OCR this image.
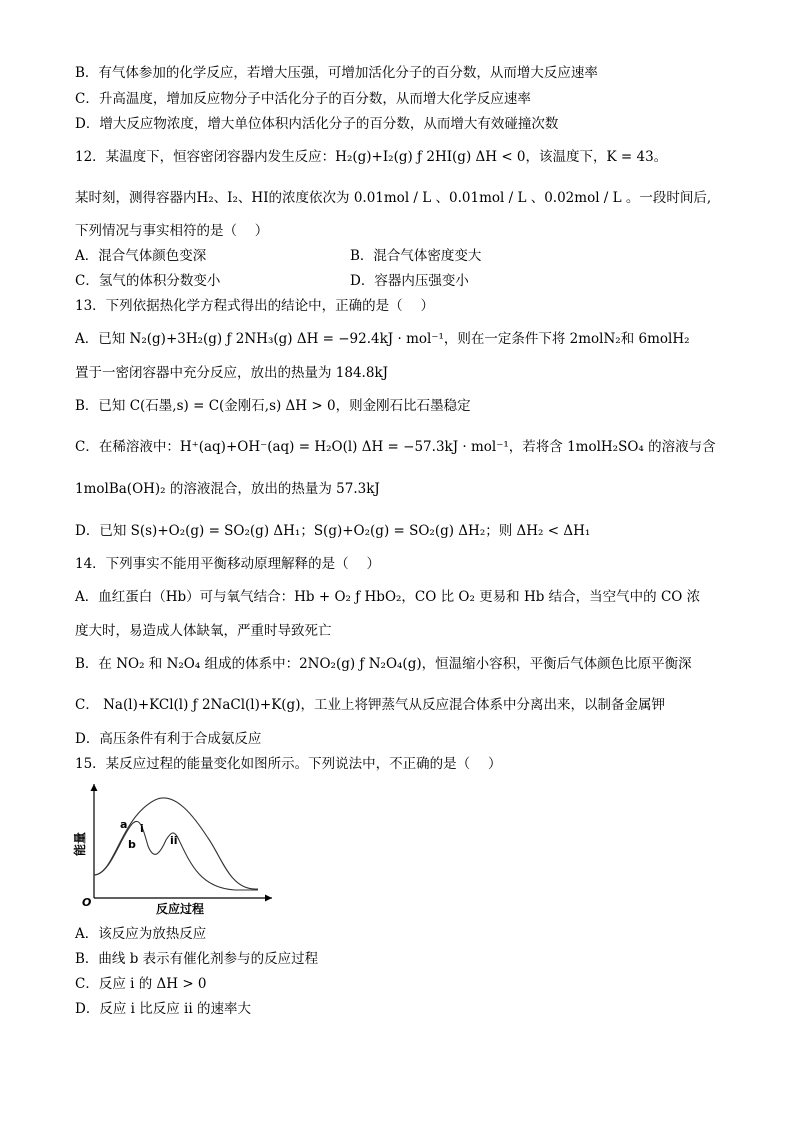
B．有气体参加的化学反应，若增大压强，可增加活化分子的百分数，从而增大反应速率
C．升高温度，增加反应物分子中活化分子的百分数，从而增大化学反应速率
D．增大反应物浓度，增大单位体积内活化分子的百分数，从而增大有效碰撞次数
12．某温度下，恒容密闭容器内发生反应：H₂(g)+I₂(g) ƒ 2HI(g) ΔH < 0，该温度下，K = 43。
某时刻，测得容器内H₂、I₂、HI的浓度依次为 0.01mol / L 、0.01mol / L 、0.02mol / L 。一段时间后,
下列情况与事实相符的是（　 ）
A．混合气体颜色变深	B．混合气体密度变大
C．氢气的体积分数变小	D．容器内压强变小
13．下列依据热化学方程式得出的结论中，正确的是（　 ）
A．已知 N₂(g)+3H₂(g) ƒ 2NH₃(g) ΔH = −92.4kJ · mol⁻¹，则在一定条件下将 2molN₂和 6molH₂
置于一密闭容器中充分反应，放出的热量为 184.8kJ
B．已知 C(石墨,s) = C(金刚石,s) ΔH > 0，则金刚石比石墨稳定
C．在稀溶液中：H⁺(aq)+OH⁻(aq) = H₂O(l) ΔH = −57.3kJ · mol⁻¹，若将含 1molH₂SO₄ 的溶液与含
1molBa(OH)₂ 的溶液混合，放出的热量为 57.3kJ
D．已知 S(s)+O₂(g) = SO₂(g) ΔH₁；S(g)+O₂(g) = SO₂(g) ΔH₂；则 ΔH₂ < ΔH₁
14．下列事实不能用平衡移动原理解释的是（　 ）
A．血红蛋白（Hb）可与氧气结合：Hb + O₂ ƒ HbO₂，CO 比 O₂ 更易和 Hb 结合，当空气中的 CO 浓
度大时，易造成人体缺氧，严重时导致死亡
B．在 NO₂ 和 N₂O₄ 组成的体系中：2NO₂(g) ƒ N₂O₄(g)，恒温缩小容积，平衡后气体颜色比原平衡深
C． Na(l)+KCl(l) ƒ 2NaCl(l)+K(g)，工业上将钾蒸气从反应混合体系中分离出来，以制备金属钾
D．高压条件有利于合成氨反应
15．某反应过程的能量变化如图所示。下列说法中，不正确的是（　 ）
能量
反应过程
O
a
b
i
ii
A．该反应为放热反应
B．曲线 b 表示有催化剂参与的反应过程
C．反应 i 的 ΔH > 0
D．反应 i 比反应 ii 的速率大
